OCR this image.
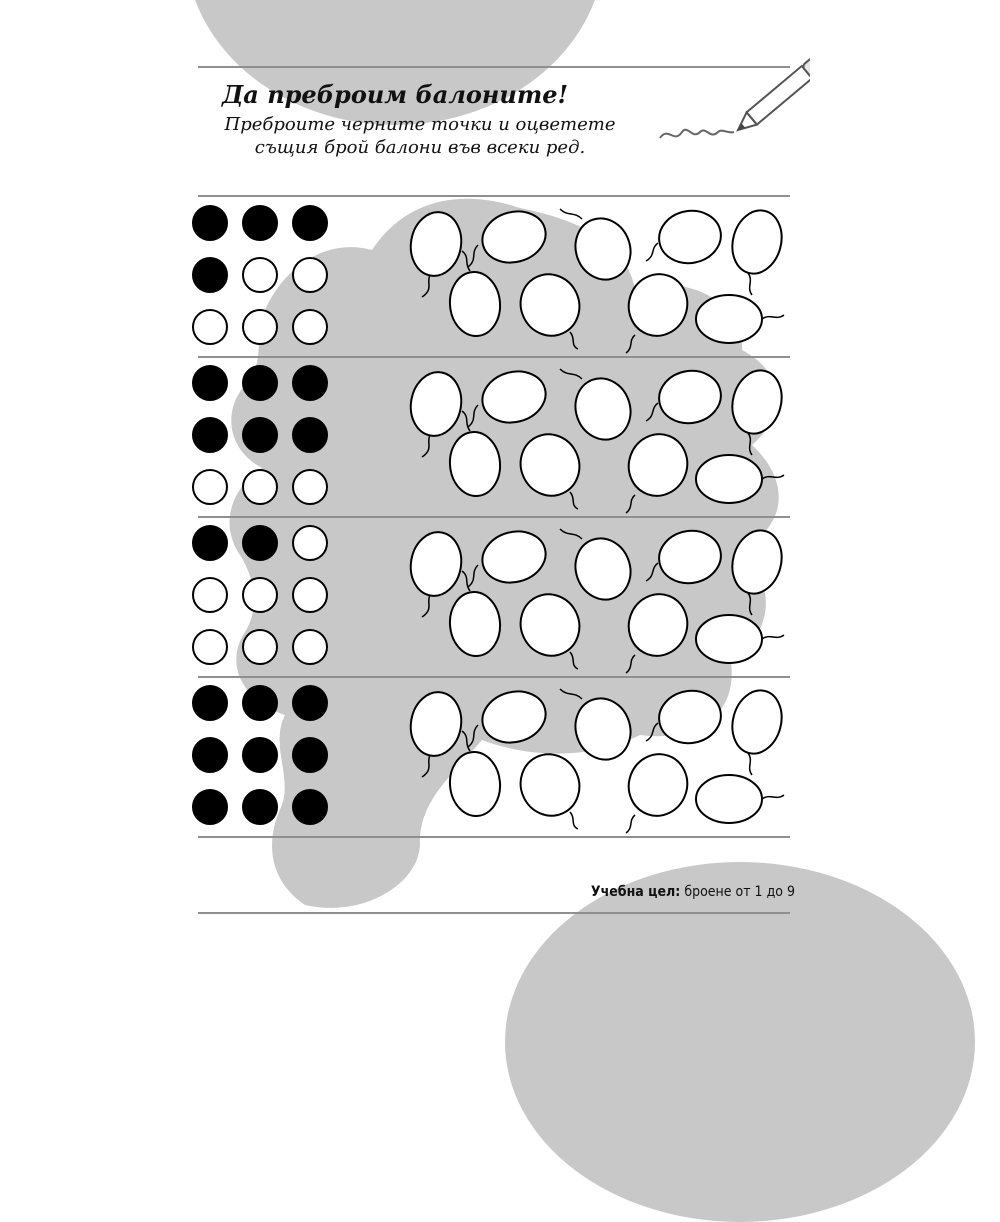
Да преброим балоните!

Преброите черните точки и оцветете
същия брой балони във всеки ред.

Учебна цел: броене от 1 до 9
